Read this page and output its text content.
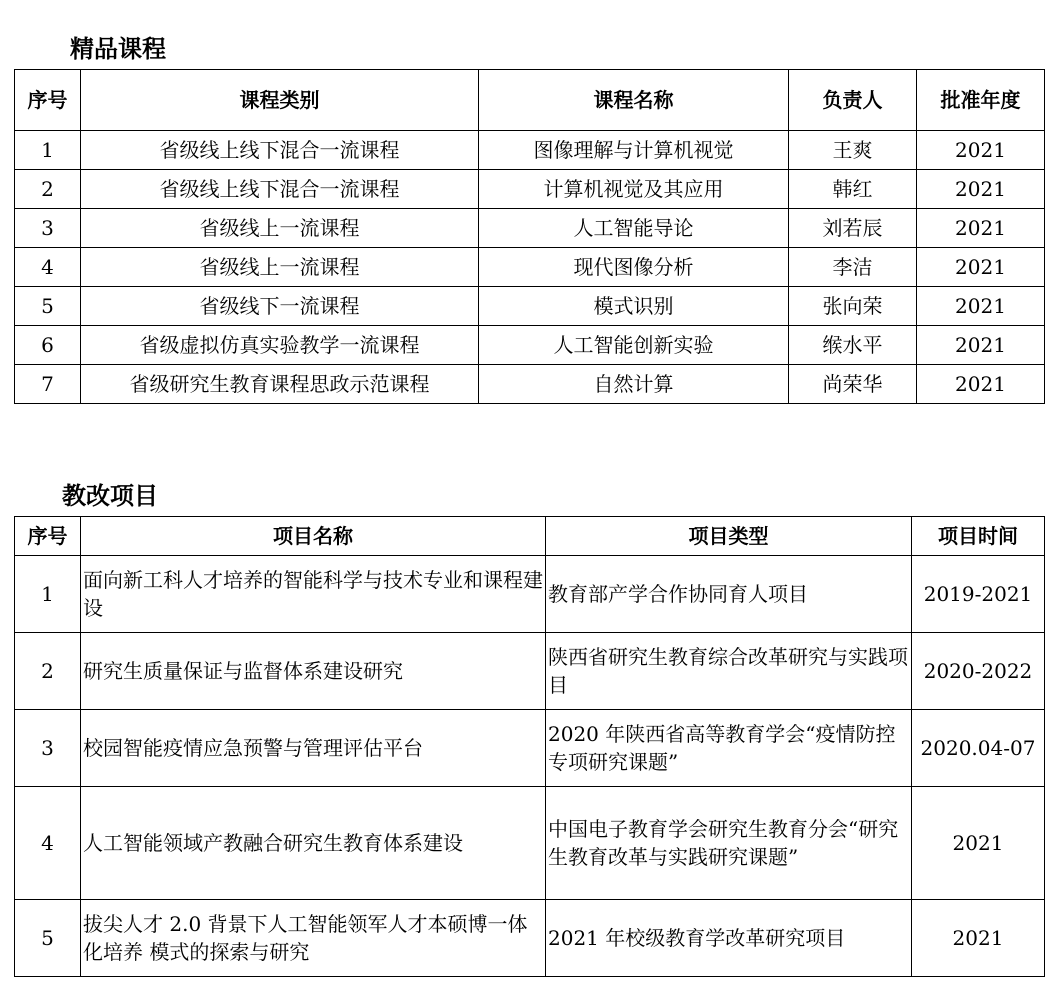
精品课程
序号	课程类别	课程名称	负责人	批准年度
1	省级线上线下混合一流课程	图像理解与计算机视觉	王爽	2021
2	省级线上线下混合一流课程	计算机视觉及其应用	韩红	2021
3	省级线上一流课程	人工智能导论	刘若辰	2021
4	省级线上一流课程	现代图像分析	李洁	2021
5	省级线下一流课程	模式识别	张向荣	2021
6	省级虚拟仿真实验教学一流课程	人工智能创新实验	缑水平	2021
7	省级研究生教育课程思政示范课程	自然计算	尚荣华	2021
教改项目
序号	项目名称	项目类型	项目时间
1	面向新工科人才培养的智能科学与技术专业和课程建设	教育部产学合作协同育人项目	2019-2021
2	研究生质量保证与监督体系建设研究	陕西省研究生教育综合改革研究与实践项目	2020-2022
3	校园智能疫情应急预警与管理评估平台	2020 年陕西省高等教育学会“疫情防控专项研究课题”	2020.04-07
4	人工智能领域产教融合研究生教育体系建设	中国电子教育学会研究生教育分会“研究生教育改革与实践研究课题”	2021
5	拔尖人才 2.0 背景下人工智能领军人才本硕博一体化培养 模式的探索与研究	2021 年校级教育学改革研究项目	2021
